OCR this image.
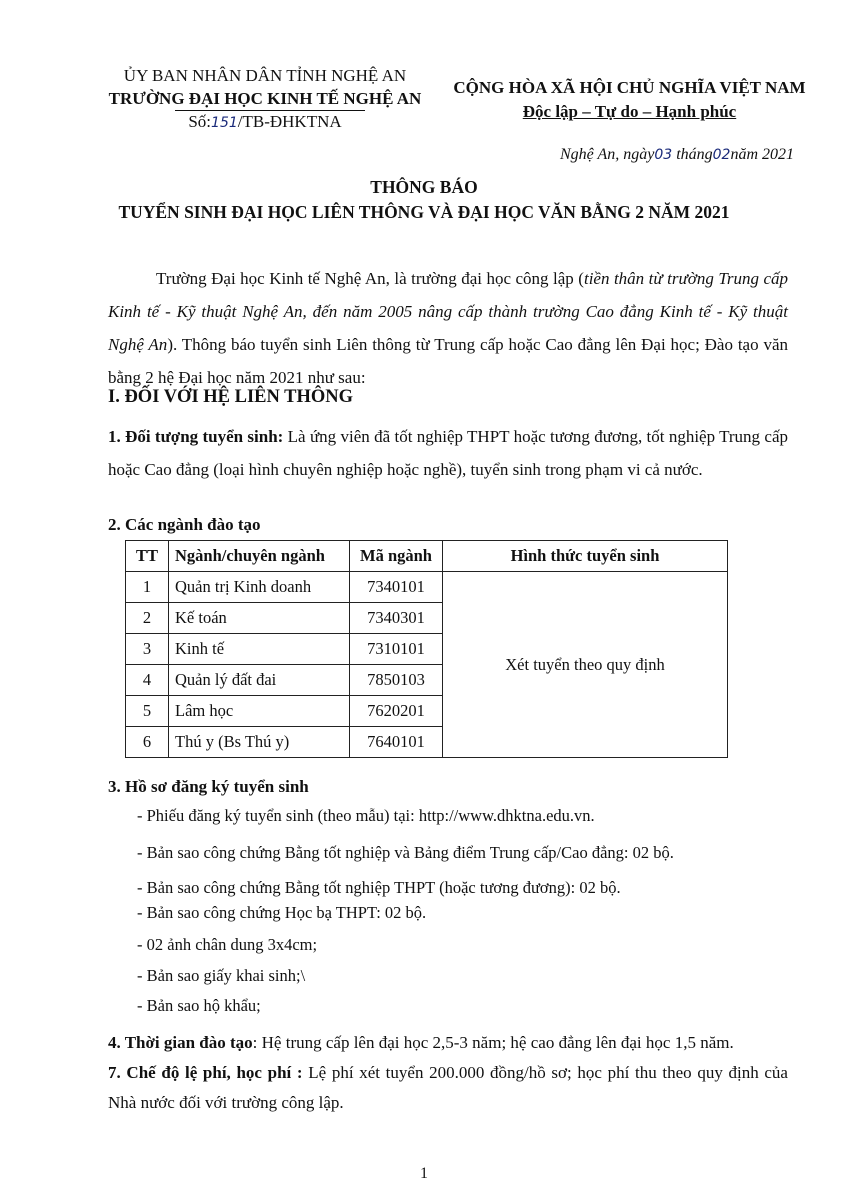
ỦY BAN NHÂN DÂN TỈNH NGHỆ AN
TRƯỜNG ĐẠI HỌC KINH TẾ NGHỆ AN
Số:151/TB-ĐHKTNA
CỘNG HÒA XÃ HỘI CHỦ NGHĨA VIỆT NAM
Độc lập – Tự do – Hạnh phúc
Nghệ An, ngày03 tháng02năm 2021
THÔNG BÁO
TUYỂN SINH ĐẠI HỌC LIÊN THÔNG VÀ ĐẠI HỌC VĂN BẰNG 2 NĂM 2021
Trường Đại học Kinh tế Nghệ An, là trường đại học công lập (tiền thân từ trường Trung cấp Kinh tế - Kỹ thuật Nghệ An, đến năm 2005 nâng cấp thành trường Cao đẳng Kinh tế - Kỹ thuật Nghệ An). Thông báo tuyển sinh Liên thông từ Trung cấp hoặc Cao đẳng lên Đại học; Đào tạo văn bằng 2 hệ Đại học năm 2021 như sau:
I. ĐỐI VỚI HỆ LIÊN THÔNG
1. Đối tượng tuyển sinh: Là ứng viên đã tốt nghiệp THPT hoặc tương đương, tốt nghiệp Trung cấp hoặc Cao đẳng (loại hình chuyên nghiệp hoặc nghề), tuyển sinh trong phạm vi cả nước.
2. Các ngành đào tạo
TT	Ngành/chuyên ngành	Mã ngành	Hình thức tuyển sinh
1	Quản trị Kinh doanh	7340101	Xét tuyển theo quy định
2	Kế toán	7340301	
3	Kinh tế	7310101	
4	Quản lý đất đai	7850103	
5	Lâm học	7620201	
6	Thú y (Bs Thú y)	7640101	
3. Hồ sơ đăng ký tuyển sinh
- Phiếu đăng ký tuyển sinh (theo mẫu) tại: http://www.dhktna.edu.vn.
- Bản sao công chứng Bằng tốt nghiệp và Bảng điểm Trung cấp/Cao đẳng: 02 bộ.
- Bản sao công chứng Bằng tốt nghiệp THPT (hoặc tương đương): 02 bộ.
- Bản sao công chứng Học bạ THPT: 02 bộ.
- 02 ảnh chân dung 3x4cm;
- Bản sao giấy khai sinh;\
- Bản sao hộ khẩu;
4. Thời gian đào tạo: Hệ trung cấp lên đại học 2,5-3 năm; hệ cao đẳng lên đại học 1,5 năm.
7. Chế độ lệ phí, học phí : Lệ phí xét tuyển 200.000 đồng/hồ sơ; học phí thu theo quy định của Nhà nước đối với trường công lập.
1
